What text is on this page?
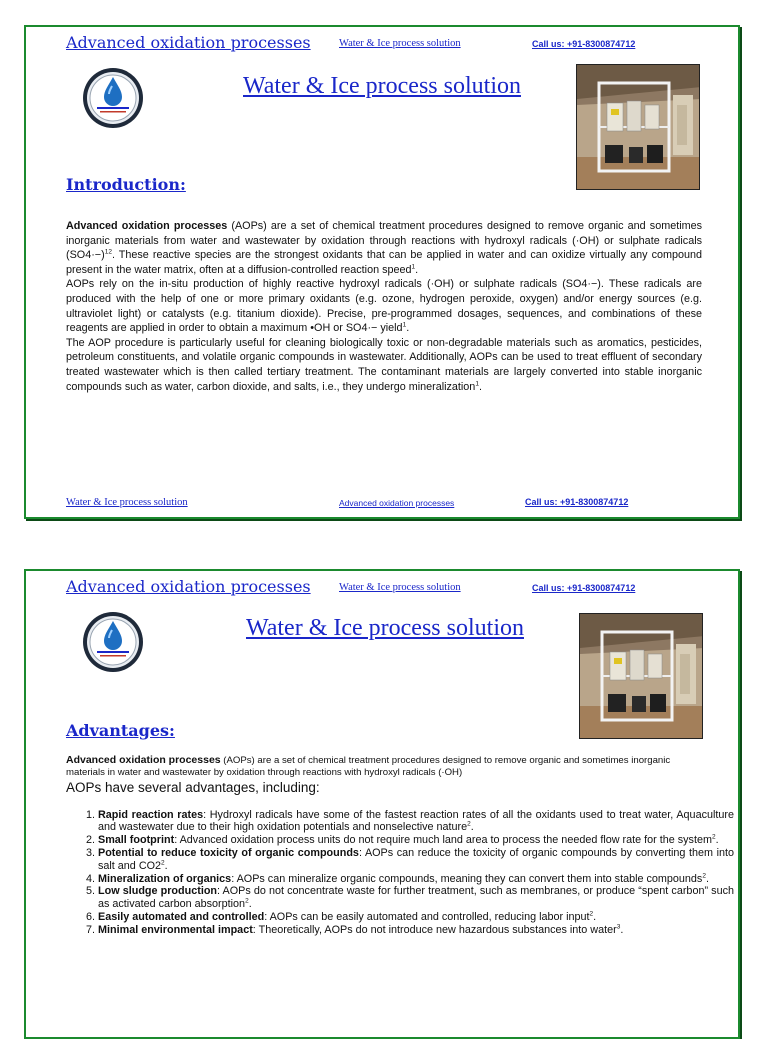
Advanced oxidation processes	Water & Ice process solution	Call us: +91-8300874712
Water & Ice process solution
Introduction:

Advanced oxidation processes (AOPs) are a set of chemical treatment procedures designed to remove organic and sometimes inorganic materials from water and wastewater by oxidation through reactions with hydroxyl radicals (·OH) or sulphate radicals $(SO4\cdot-)^{12}$. These reactive species are the strongest oxidants that can be applied in water and can oxidize virtually any compound present in the water matrix, often at a diffusion-controlled reaction speed$^1$.

AOPs rely on the in-situ production of highly reactive hydroxyl radicals (·OH) or sulphate radicals (SO4·−). These radicals are produced with the help of one or more primary oxidants (e.g. ozone, hydrogen peroxide, oxygen) and/or energy sources (e.g. ultraviolet light) or catalysts (e.g. titanium dioxide). Precise, pre-programmed dosages, sequences, and combinations of these reagents are applied in order to obtain a maximum •OH or SO4·− yield$^1$.

The AOP procedure is particularly useful for cleaning biologically toxic or non-degradable materials such as aromatics, pesticides, petroleum constituents, and volatile organic compounds in wastewater. Additionally, AOPs can be used to treat effluent of secondary treated wastewater which is then called tertiary treatment. The contaminant materials are largely converted into stable inorganic compounds such as water, carbon dioxide, and salts, i.e., they undergo mineralization$^1$.

Water & Ice process solution	Advanced oxidation processes	Call us: +91-8300874712
Advanced oxidation processes	Water & Ice process solution	Call us: +91-8300874712
Water & Ice process solution
Advantages:
Advanced oxidation processes (AOPs) are a set of chemical treatment procedures designed to remove organic and sometimes inorganic materials in water and wastewater by oxidation through reactions with hydroxyl radicals (·OH)
AOPs have several advantages, including:
1. Rapid reaction rates: Hydroxyl radicals have some of the fastest reaction rates of all the oxidants used to treat water, Aquaculture and wastewater due to their high oxidation potentials and nonselective nature$^2$.
2. Small footprint: Advanced oxidation process units do not require much land area to process the needed flow rate for the system$^2$.
3. Potential to reduce toxicity of organic compounds: AOPs can reduce the toxicity of organic compounds by converting them into salt and $CO2^2$.
4. Mineralization of organics: AOPs can mineralize organic compounds, meaning they can convert them into stable compounds$^2$.
5. Low sludge production: AOPs do not concentrate waste for further treatment, such as membranes, or produce “spent carbon” such as activated carbon absorption$^2$.
6. Easily automated and controlled: AOPs can be easily automated and controlled, reducing labor input$^2$.
7. Minimal environmental impact: Theoretically, AOPs do not introduce new hazardous substances into water$^3$.
